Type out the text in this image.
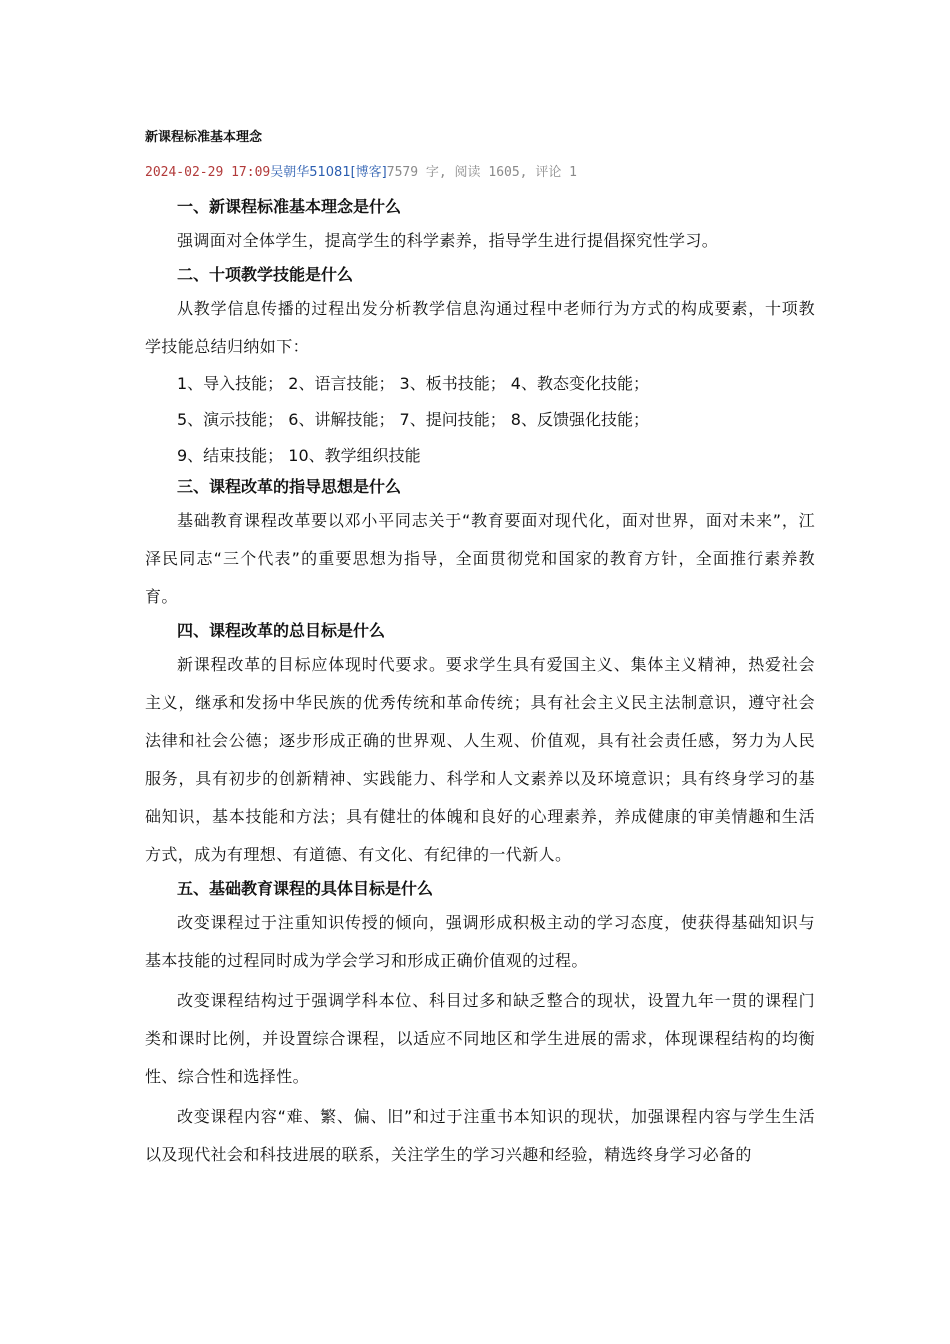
新课程标准基本理念
2024-02-29 17:09吴朝华51081[博客]7579 字, 阅读 1605, 评论 1
一、新课程标准基本理念是什么
强调面对全体学生，提高学生的科学素养，指导学生进行提倡探究性学习。
二、十项教学技能是什么
从教学信息传播的过程出发分析教学信息沟通过程中老师行为方式的构成要素，十项教学技能总结归纳如下：
1、导入技能； 2、语言技能； 3、板书技能； 4、教态变化技能；
5、演示技能； 6、讲解技能； 7、提问技能； 8、反馈强化技能；
9、结束技能； 10、教学组织技能
三、课程改革的指导思想是什么
基础教育课程改革要以邓小平同志关于“教育要面对现代化，面对世界，面对未来”，江泽民同志“三个代表”的重要思想为指导，全面贯彻党和国家的教育方针，全面推行素养教育。
四、课程改革的总目标是什么
新课程改革的目标应体现时代要求。要求学生具有爱国主义、集体主义精神，热爱社会主义，继承和发扬中华民族的优秀传统和革命传统；具有社会主义民主法制意识，遵守社会法律和社会公德；逐步形成正确的世界观、人生观、价值观，具有社会责任感，努力为人民服务，具有初步的创新精神、实践能力、科学和人文素养以及环境意识；具有终身学习的基础知识，基本技能和方法；具有健壮的体魄和良好的心理素养，养成健康的审美情趣和生活方式，成为有理想、有道德、有文化、有纪律的一代新人。
五、基础教育课程的具体目标是什么
改变课程过于注重知识传授的倾向，强调形成积极主动的学习态度，使获得基础知识与基本技能的过程同时成为学会学习和形成正确价值观的过程。
改变课程结构过于强调学科本位、科目过多和缺乏整合的现状，设置九年一贯的课程门类和课时比例，并设置综合课程，以适应不同地区和学生进展的需求，体现课程结构的均衡性、综合性和选择性。
改变课程内容“难、繁、偏、旧”和过于注重书本知识的现状，加强课程内容与学生生活以及现代社会和科技进展的联系，关注学生的学习兴趣和经验，精选终身学习必备的
